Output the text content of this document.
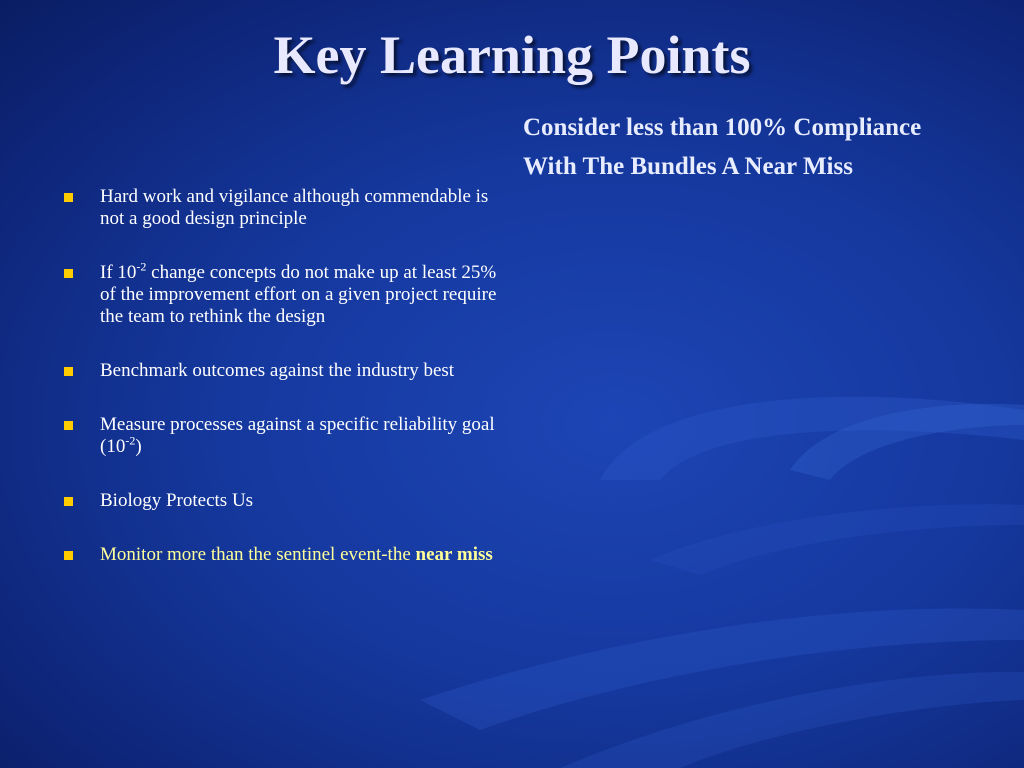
Key Learning Points
Consider less than 100% Compliance
With The Bundles A Near Miss
Hard work and vigilance although commendable is not a good design principle
If $10^{-2}$ change concepts do not make up at least 25% of the improvement effort on a given project require the team to rethink the design
Benchmark outcomes against the industry best
Measure processes against a specific reliability goal $(10^{-2})$
Biology Protects Us
Monitor more than the sentinel event-the near miss
